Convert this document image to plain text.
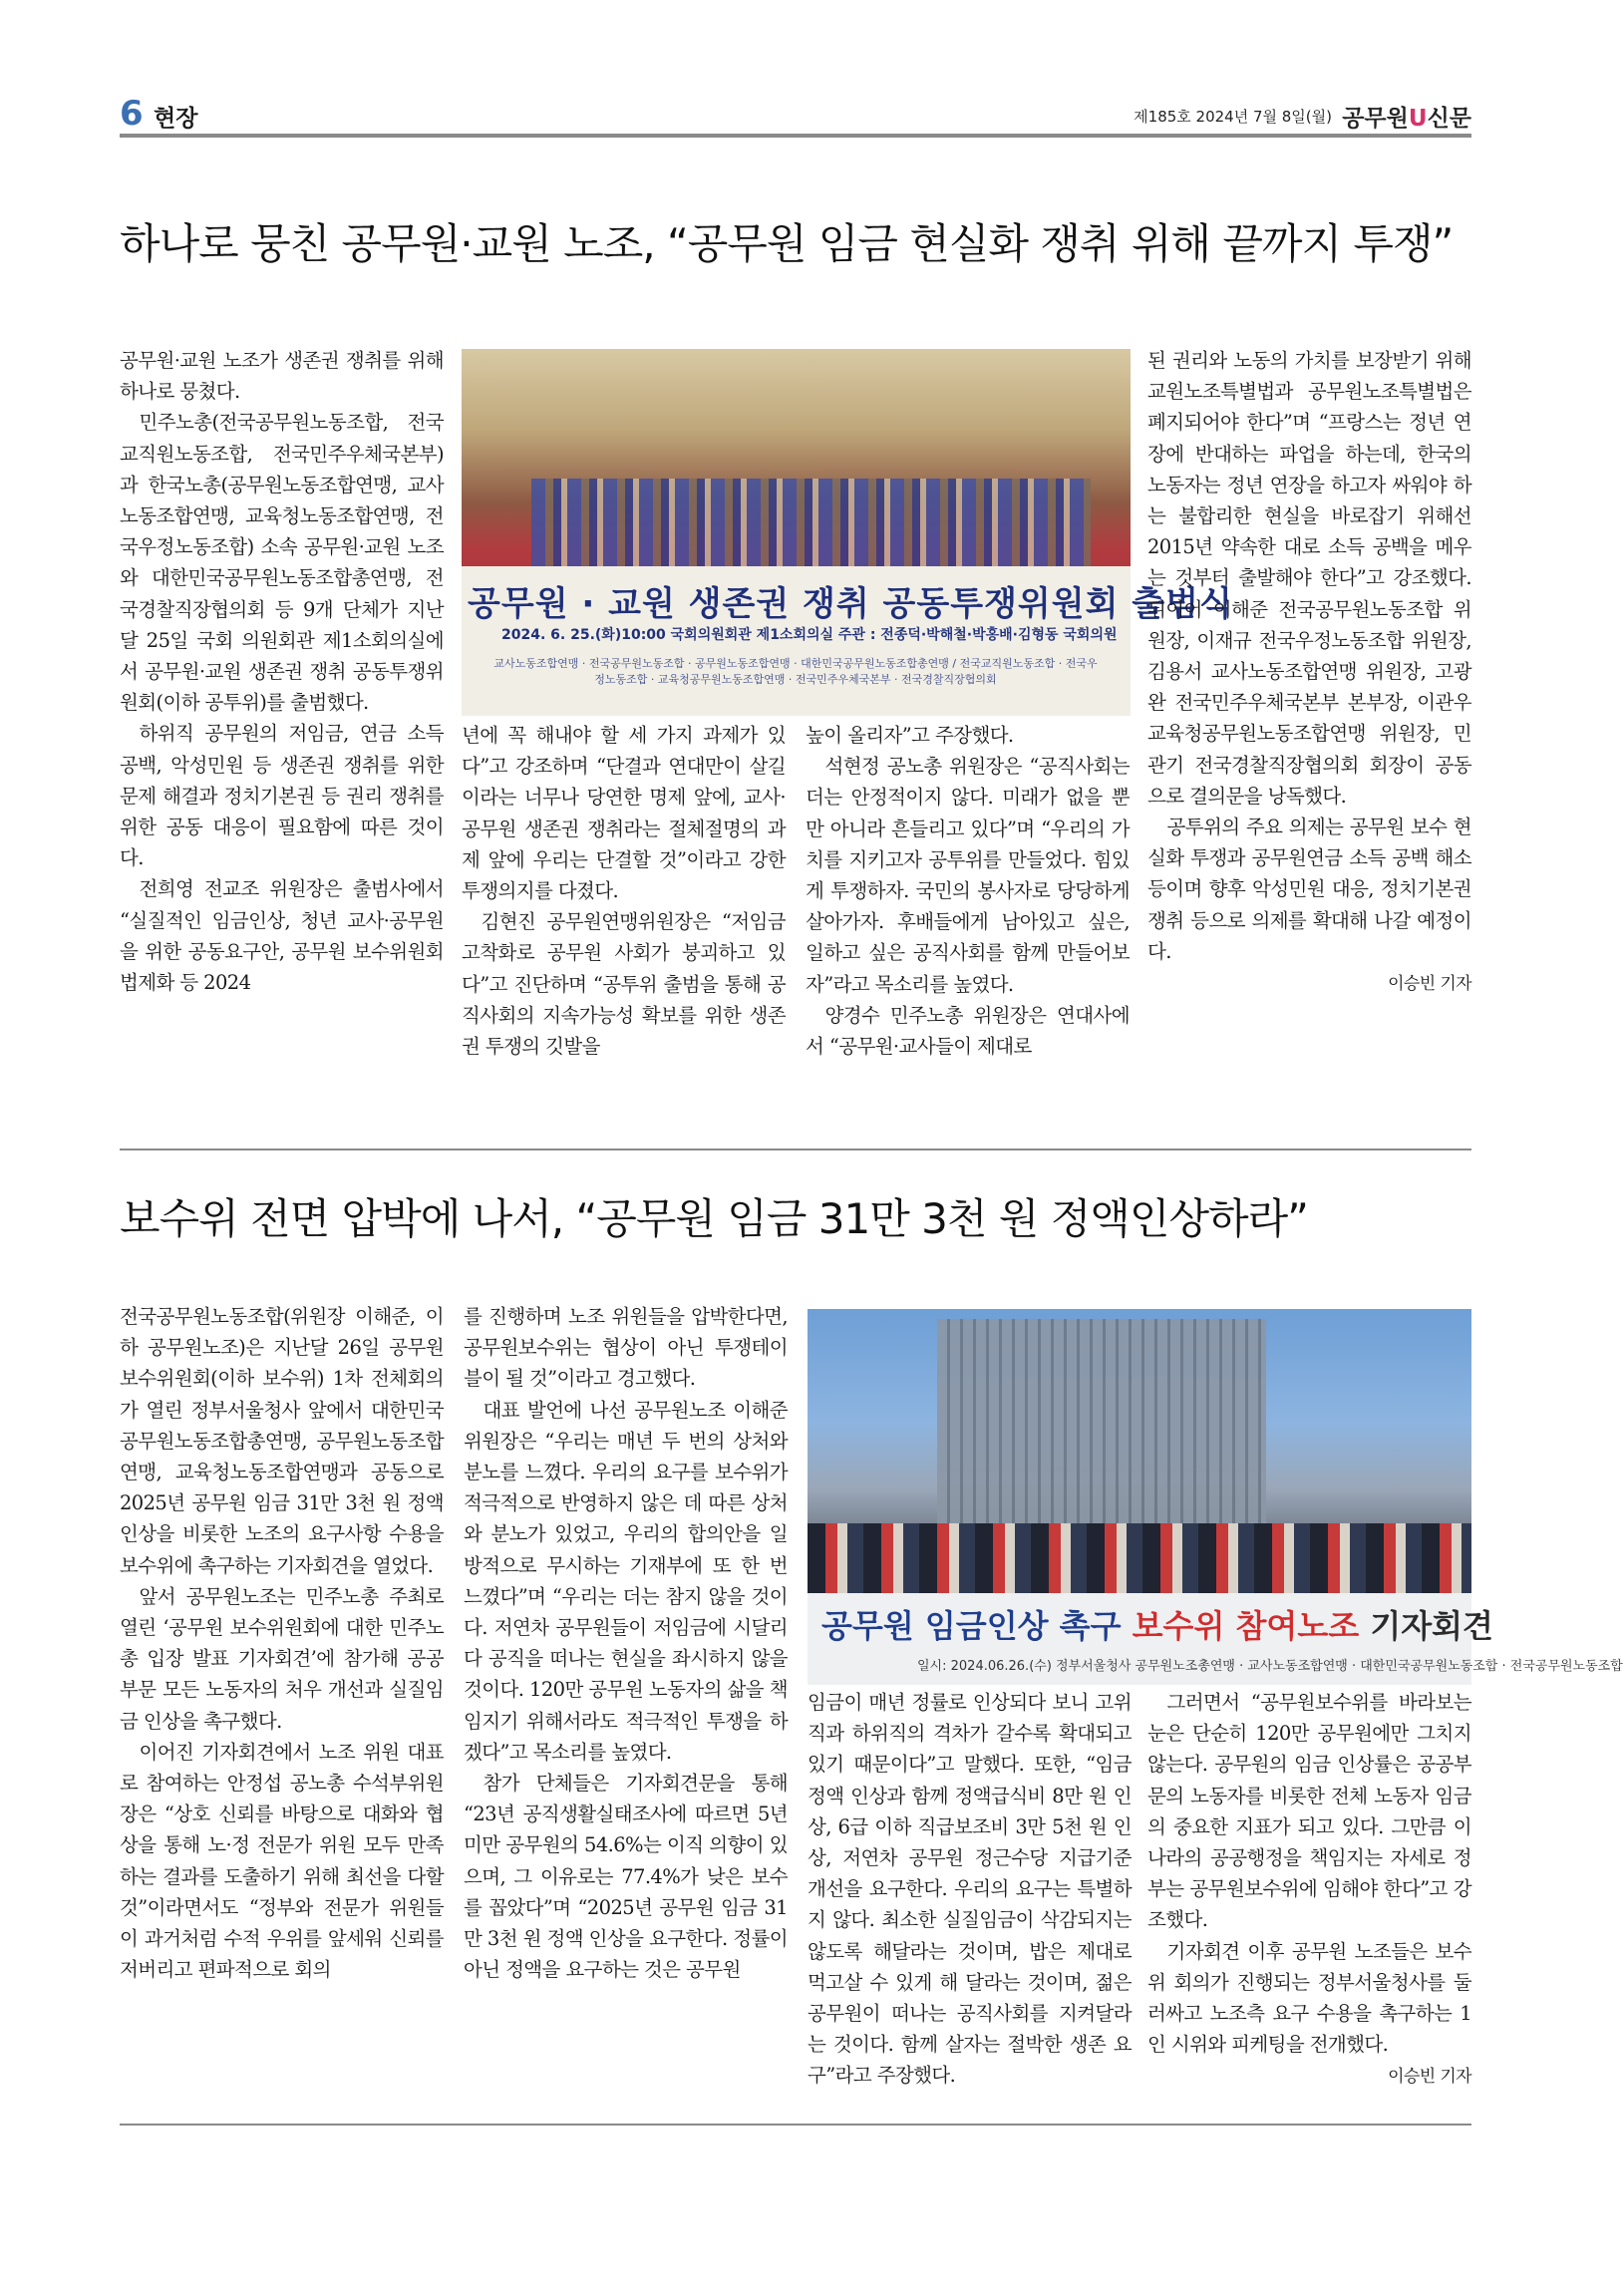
6 현장	제185호 2024년 7월 8일(월) 공무원U신문
하나로 뭉친 공무원·교원 노조, “공무원 임금 현실화 쟁취 위해 끝까지 투쟁”

공무원·교원 노조가 생존권 쟁취를 위해 하나로 뭉쳤다.

민주노총(전국공무원노동조합, 전국교직원노동조합, 전국민주우체국본부)과 한국노총(공무원노동조합연맹, 교사노동조합연맹, 교육청노동조합연맹, 전국우정노동조합) 소속 공무원·교원 노조와 대한민국공무원노동조합총연맹, 전국경찰직장협의회 등 9개 단체가 지난달 25일 국회 의원회관 제1소회의실에서 공무원·교원 생존권 쟁취 공동투쟁위원회(이하 공투위)를 출범했다.

하위직 공무원의 저임금, 연금 소득 공백, 악성민원 등 생존권 쟁취를 위한 문제 해결과 정치기본권 등 권리 쟁취를 위한 공동 대응이 필요함에 따른 것이다.

전희영 전교조 위원장은 출범사에서 “실질적인 임금인상, 청년 교사·공무원을 위한 공동요구안, 공무원 보수위원회 법제화 등 2024

공무원 · 교원 생존권 쟁취 공동투쟁위원회 출범식
2024. 6. 25.(화)10:00 국회의원회관 제1소회의실 주관 : 전종덕·박해철·박홍배·김형동 국회의원
교사노동조합연맹 · 전국공무원노동조합 · 공무원노동조합연맹 · 대한민국공무원노동조합총연맹 / 전국교직원노동조합 · 전국우정노동조합 · 교육청공무원노동조합연맹 · 전국민주우체국본부 · 전국경찰직장협의회

년에 꼭 해내야 할 세 가지 과제가 있다”고 강조하며 “단결과 연대만이 살길이라는 너무나 당연한 명제 앞에, 교사·공무원 생존권 쟁취라는 절체절명의 과제 앞에 우리는 단결할 것”이라고 강한 투쟁의지를 다졌다.

김현진 공무원연맹위원장은 “저임금 고착화로 공무원 사회가 붕괴하고 있다”고 진단하며 “공투위 출범을 통해 공직사회의 지속가능성 확보를 위한 생존권 투쟁의 깃발을

높이 올리자”고 주장했다.

석현정 공노총 위원장은 “공직사회는 더는 안정적이지 않다. 미래가 없을 뿐만 아니라 흔들리고 있다”며 “우리의 가치를 지키고자 공투위를 만들었다. 힘있게 투쟁하자. 국민의 봉사자로 당당하게 살아가자. 후배들에게 남아있고 싶은, 일하고 싶은 공직사회를 함께 만들어보자”라고 목소리를 높였다.

양경수 민주노총 위원장은 연대사에서 “공무원·교사들이 제대로

된 권리와 노동의 가치를 보장받기 위해 교원노조특별법과 공무원노조특별법은 폐지되어야 한다”며 “프랑스는 정년 연장에 반대하는 파업을 하는데, 한국의 노동자는 정년 연장을 하고자 싸워야 하는 불합리한 현실을 바로잡기 위해선 2015년 약속한 대로 소득 공백을 메우는 것부터 출발해야 한다”고 강조했다. 뒤이어 이해준 전국공무원노동조합 위원장, 이재규 전국우정노동조합 위원장, 김용서 교사노동조합연맹 위원장, 고광완 전국민주우체국본부 본부장, 이관우 교육청공무원노동조합연맹 위원장, 민관기 전국경찰직장협의회 회장이 공동으로 결의문을 낭독했다.

공투위의 주요 의제는 공무원 보수 현실화 투쟁과 공무원연금 소득 공백 해소 등이며 향후 악성민원 대응, 정치기본권 쟁취 등으로 의제를 확대해 나갈 예정이다.

이승빈 기자
보수위 전면 압박에 나서, “공무원 임금 31만 3천 원 정액인상하라”

전국공무원노동조합(위원장 이해준, 이하 공무원노조)은 지난달 26일 공무원보수위원회(이하 보수위) 1차 전체회의가 열린 정부서울청사 앞에서 대한민국공무원노동조합총연맹, 공무원노동조합연맹, 교육청노동조합연맹과 공동으로 2025년 공무원 임금 31만 3천 원 정액인상을 비롯한 노조의 요구사항 수용을 보수위에 촉구하는 기자회견을 열었다.

앞서 공무원노조는 민주노총 주최로 열린 ‘공무원 보수위원회에 대한 민주노총 입장 발표 기자회견’에 참가해 공공부문 모든 노동자의 처우 개선과 실질임금 인상을 촉구했다.

이어진 기자회견에서 노조 위원 대표로 참여하는 안정섭 공노총 수석부위원장은 “상호 신뢰를 바탕으로 대화와 협상을 통해 노·정 전문가 위원 모두 만족하는 결과를 도출하기 위해 최선을 다할 것”이라면서도 “정부와 전문가 위원들이 과거처럼 수적 우위를 앞세워 신뢰를 저버리고 편파적으로 회의

를 진행하며 노조 위원들을 압박한다면, 공무원보수위는 협상이 아닌 투쟁테이블이 될 것”이라고 경고했다.

대표 발언에 나선 공무원노조 이해준 위원장은 “우리는 매년 두 번의 상처와 분노를 느꼈다. 우리의 요구를 보수위가 적극적으로 반영하지 않은 데 따른 상처와 분노가 있었고, 우리의 합의안을 일방적으로 무시하는 기재부에 또 한 번 느꼈다”며 “우리는 더는 참지 않을 것이다. 저연차 공무원들이 저임금에 시달리다 공직을 떠나는 현실을 좌시하지 않을 것이다. 120만 공무원 노동자의 삶을 책임지기 위해서라도 적극적인 투쟁을 하겠다”고 목소리를 높였다.

참가 단체들은 기자회견문을 통해 “23년 공직생활실태조사에 따르면 5년 미만 공무원의 54.6%는 이직 의향이 있으며, 그 이유로는 77.4%가 낮은 보수를 꼽았다”며 “2025년 공무원 임금 31만 3천 원 정액 인상을 요구한다. 정률이 아닌 정액을 요구하는 것은 공무원

공무원 임금인상 촉구 보수위 참여노조 기자회견
일시: 2024.06.26.(수) 정부서울청사 공무원노조총연맹 · 교사노동조합연맹 · 대한민국공무원노동조합 · 전국공무원노동조합

임금이 매년 정률로 인상되다 보니 고위직과 하위직의 격차가 갈수록 확대되고 있기 때문이다”고 말했다. 또한, “임금 정액 인상과 함께 정액급식비 8만 원 인상, 6급 이하 직급보조비 3만 5천 원 인상, 저연차 공무원 정근수당 지급기준 개선을 요구한다. 우리의 요구는 특별하지 않다. 최소한 실질임금이 삭감되지는 않도록 해달라는 것이며, 밥은 제대로 먹고살 수 있게 해 달라는 것이며, 젊은 공무원이 떠나는 공직사회를 지켜달라는 것이다. 함께 살자는 절박한 생존 요구”라고 주장했다.

그러면서 “공무원보수위를 바라보는 눈은 단순히 120만 공무원에만 그치지 않는다. 공무원의 임금 인상률은 공공부문의 노동자를 비롯한 전체 노동자 임금의 중요한 지표가 되고 있다. 그만큼 이 나라의 공공행정을 책임지는 자세로 정부는 공무원보수위에 임해야 한다”고 강조했다.

기자회견 이후 공무원 노조들은 보수위 회의가 진행되는 정부서울청사를 둘러싸고 노조측 요구 수용을 촉구하는 1인 시위와 피케팅을 전개했다.

이승빈 기자
